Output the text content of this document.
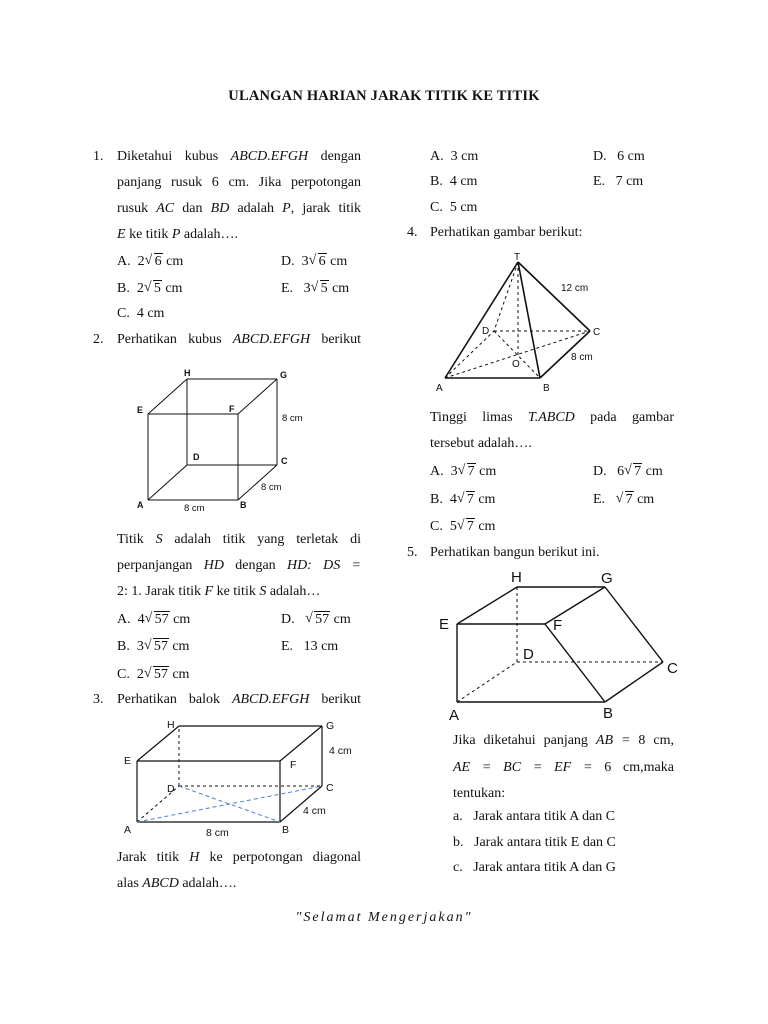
ULANGAN HARIAN JARAK TITIK KE TITIK
1. Diketahui kubus ABCD.EFGH dengan
panjang rusuk 6 cm. Jika perpotongan
rusuk AC dan BD adalah P, jarak titik
E ke titik P adalah….
A. 2 √ 6 cm	D. 3 √ 6 cm
B. 2 √ 5 cm	E. 3 √ 5 cm
C. 4 cm
2. Perhatikan kubus ABCD.EFGH berikut
H	G
E	F
D	C
A	B
8 cm
8 cm
8 cm
Titik S adalah titik yang terletak di
perpanjangan HD dengan HD: DS =
2: 1. Jarak titik F ke titik S adalah…
A. 4 √ 57 cm	D. √ 57 cm
B. 3 √ 57 cm	E. 13 cm
C. 2 √ 57 cm
3. Perhatikan balok ABCD.EFGH berikut
H	G
E	F
D	C
A	B
4 cm
4 cm
8 cm
Jarak titik H ke perpotongan diagonal
alas ABCD adalah….
A. 3 cm	D. 6 cm
B. 4 cm	E. 7 cm
C. 5 cm
4. Perhatikan gambar berikut:
T
D	C
O
A	B
12 cm
8 cm
Tinggi limas T.ABCD pada gambar
tersebut adalah….
A. 3 √ 7 cm	D. 6 √ 7 cm
B. 4 √ 7 cm	E. √ 7 cm
C. 5 √ 7 cm
5. Perhatikan bangun berikut ini.
H	G
E	F
D
C
A	B
Jika diketahui panjang AB = 8 cm,
AE = BC = EF = 6 cm,maka
tentukan:
a. Jarak antara titik A dan C
b. Jarak antara titik E dan C
c. Jarak antara titik A dan G
"Selamat Mengerjakan"
